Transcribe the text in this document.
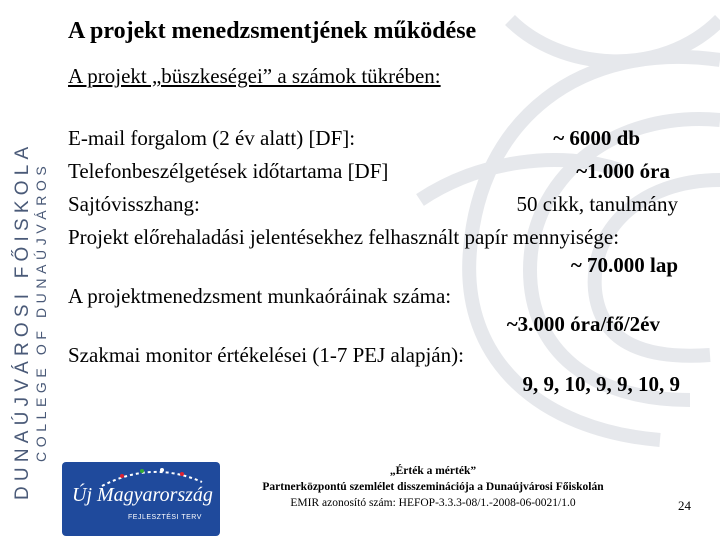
DUNAÚJVÁROSI FŐISKOLA COLLEGE OF DUNAÚJVÁROS
A projekt menedzsmentjének működése
A projekt „büszkeségei” a számok tükrében:
E-mail forgalom (2 év alatt) [DF]:	~ 6000 db
Telefonbeszélgetések időtartama [DF]	~1.000 óra
Sajtóvisszhang:	50 cikk, tanulmány
Projekt előrehaladási jelentésekhez felhasznált papír mennyisége:
~ 70.000 lap
A projektmenedzsment munkaóráinak száma:
~3.000 óra/fő/2év
Szakmai monitor értékelései (1-7 PEJ alapján):
9, 9, 10, 9, 9, 10, 9
Új Magyarország
FEJLESZTÉSI TERV
„Érték a mérték”
Partnerközpontú szemlélet disszeminációja a Dunaújvárosi Főiskolán
EMIR azonosító szám: HEFOP-3.3.3-08/1.-2008-06-0021/1.0	24
